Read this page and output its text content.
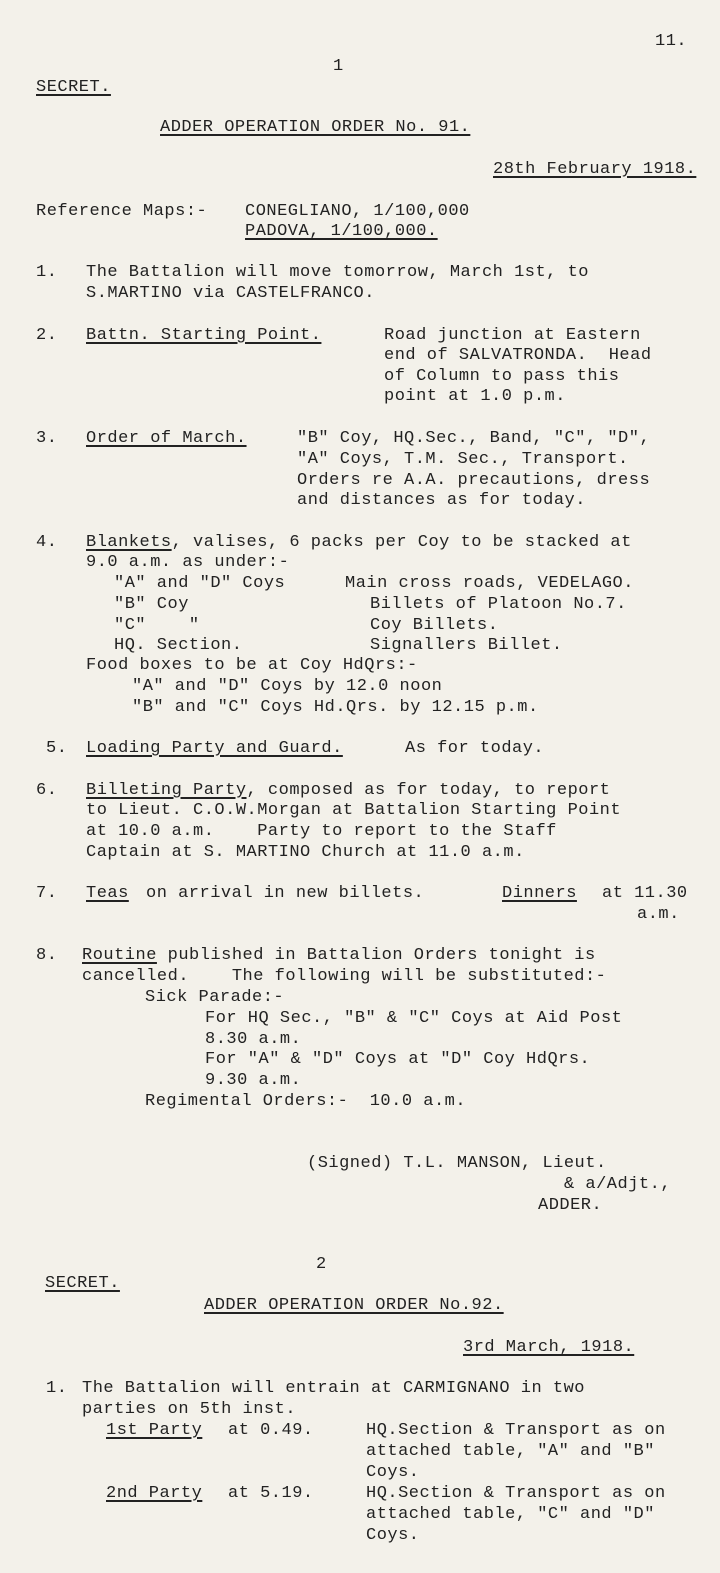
11.
1
SECRET.
ADDER OPERATION ORDER No. 91.
28th February 1918.
Reference Maps:- CONEGLIANO, 1/100,000
PADOVA, 1/100,000.
1. The Battalion will move tomorrow, March 1st, to
S.MARTINO via CASTELFRANCO.
2. Battn. Starting Point.	Road junction at Eastern
end of SALVATRONDA.  Head
of Column to pass this
point at 1.0 p.m.
3. Order of March.	"B" Coy, HQ.Sec., Band, "C", "D",
"A" Coys, T.M. Sec., Transport.
Orders re A.A. precautions, dress
and distances as for today.
4. Blankets, valises, 6 packs per Coy to be stacked at
9.0 a.m. as under:-
"A" and "D" Coys	Main cross roads, VEDELAGO.
"B" Coy	Billets of Platoon No.7.
"C"    "	Coy Billets.
HQ. Section.	Signallers Billet.
Food boxes to be at Coy HdQrs:-
"A" and "D" Coys by 12.0 noon
"B" and "C" Coys Hd.Qrs. by 12.15 p.m.
5. Loading Party and Guard.	As for today.
6. Billeting Party, composed as for today, to report
to Lieut. C.O.W.Morgan at Battalion Starting Point
at 10.0 a.m.    Party to report to the Staff
Captain at S. MARTINO Church at 11.0 a.m.
7. Teas on arrival in new billets.	Dinners at 11.30
a.m.
8. Routine published in Battalion Orders tonight is
cancelled.    The following will be substituted:-
Sick Parade:-
For HQ Sec., "B" & "C" Coys at Aid Post
8.30 a.m.
For "A" & "D" Coys at "D" Coy HdQrs.
9.30 a.m.
Regimental Orders:-  10.0 a.m.
(Signed) T.L. MANSON, Lieut.
& a/Adjt.,
ADDER.
2
SECRET.
ADDER OPERATION ORDER No.92.
3rd March, 1918.
1. The Battalion will entrain at CARMIGNANO in two
parties on 5th inst.
1st Party at 0.49.	HQ.Section & Transport as on
attached table, "A" and "B"
Coys.
2nd Party at 5.19.	HQ.Section & Transport as on
attached table, "C" and "D"
Coys.
